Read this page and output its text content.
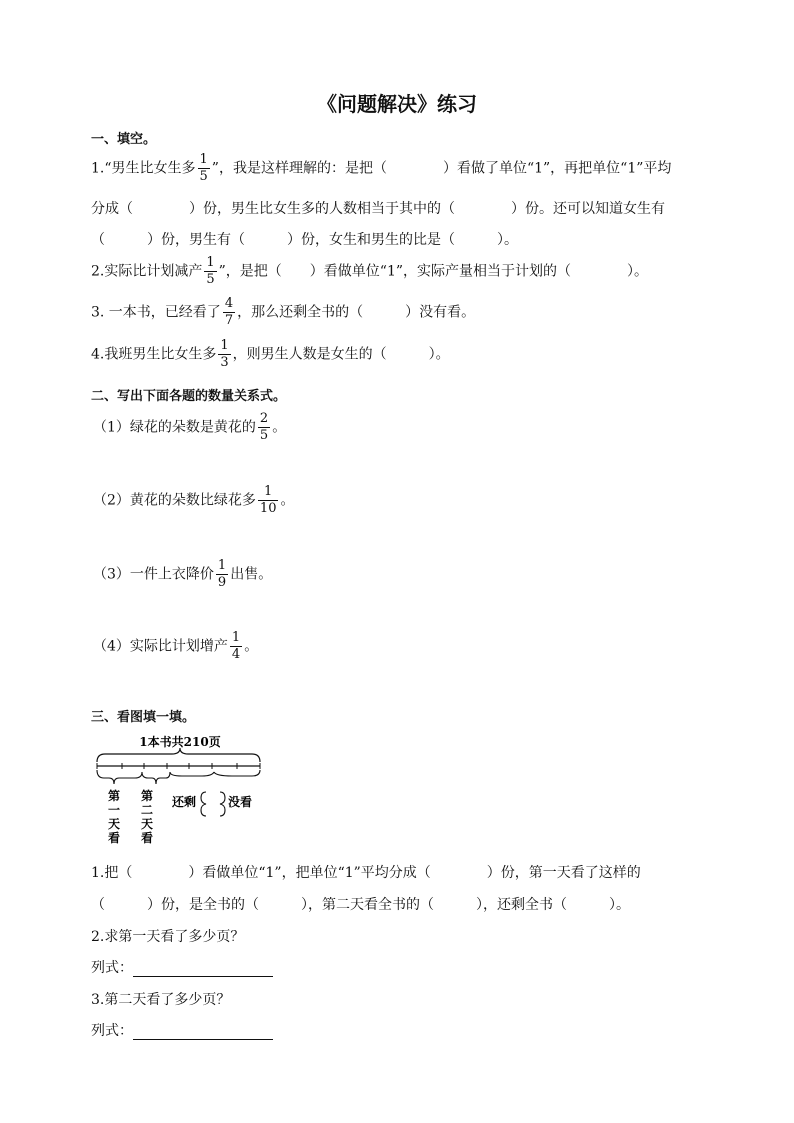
《问题解决》练习
一、填空。
1.“男生比女生多 $\frac{1}{5}$ ”，我是这样理解的：是把（　　　　）看做了单位“1”，再把单位“1”平均
分成（　　　　）份，男生比女生多的人数相当于其中的（　　　　）份。还可以知道女生有
（　　　）份，男生有（　　　）份，女生和男生的比是（　　　）。
2.实际比计划减产 $\frac{1}{5}$ ”，是把（　　）看做单位“1”，实际产量相当于计划的（　　　　）。
3. 一本书，已经看了 $\frac{4}{7}$ ，那么还剩全书的（　　　）没有看。
4.我班男生比女生多 $\frac{1}{3}$ ，则男生人数是女生的（　　　）。
二、写出下面各题的数量关系式。
（1）绿花的朵数是黄花的 $\frac{2}{5}$ 。
（2）黄花的朵数比绿花多 $\frac{1}{10}$ 。
（3）一件上衣降价 $\frac{1}{9}$ 出售。
（4）实际比计划增产 $\frac{1}{4}$ 。
三、看图填一填。
1本书共210页
第
一
天
看
第
二
天
看
还剩	没看
1.把（　　　　）看做单位“1”，把单位“1”平均分成（　　　　）份，第一天看了这样的
（　　　）份，是全书的（　　　），第二天看全书的（　　　），还剩全书（　　　）。
2.求第一天看了多少页？
列式：
3.第二天看了多少页？
列式：
